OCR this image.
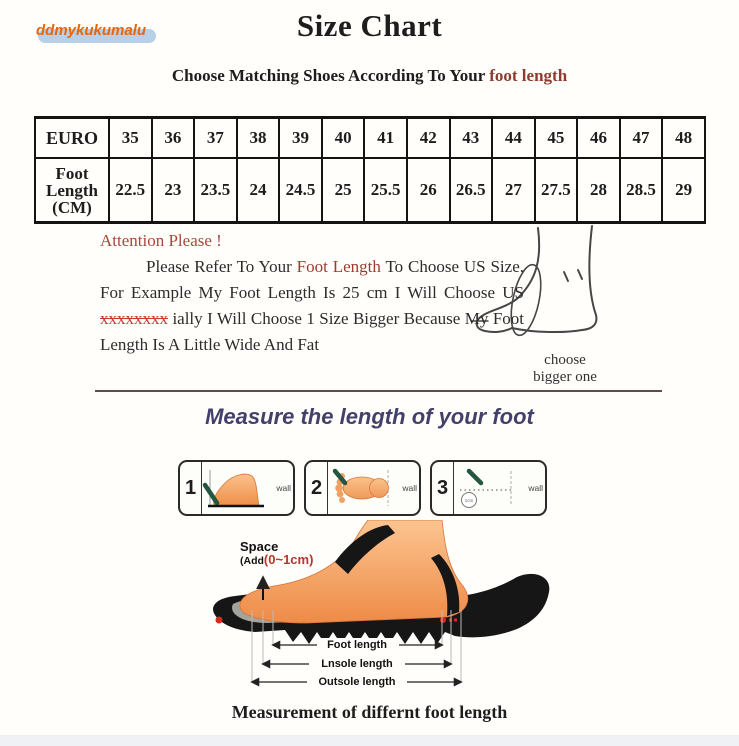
ddmykukumalu	Size Chart
Choose Matching Shoes According To Your foot length
EURO	35	36	37	38	39	40	41	42	43	44	45	46	47	48
Foot Length (CM)	22.5	23	23.5	24	24.5	25	25.5	26	26.5	27	27.5	28	28.5	29
Attention Please !
Please Refer To Your Foot Length To Choose US Size. For Example My Foot Length Is 25 cm I Will Choose US xxxxxxxx ially I Will Choose 1 Size Bigger Because My Foot Length Is A Little Wide And Fat
choose
bigger one
Measure the length of your foot
1	wall 2	wall 3
1cm
wall
Space
(Add(0~1cm)
Foot length
Lnsole length
Outsole length
Measurement of differnt foot length
